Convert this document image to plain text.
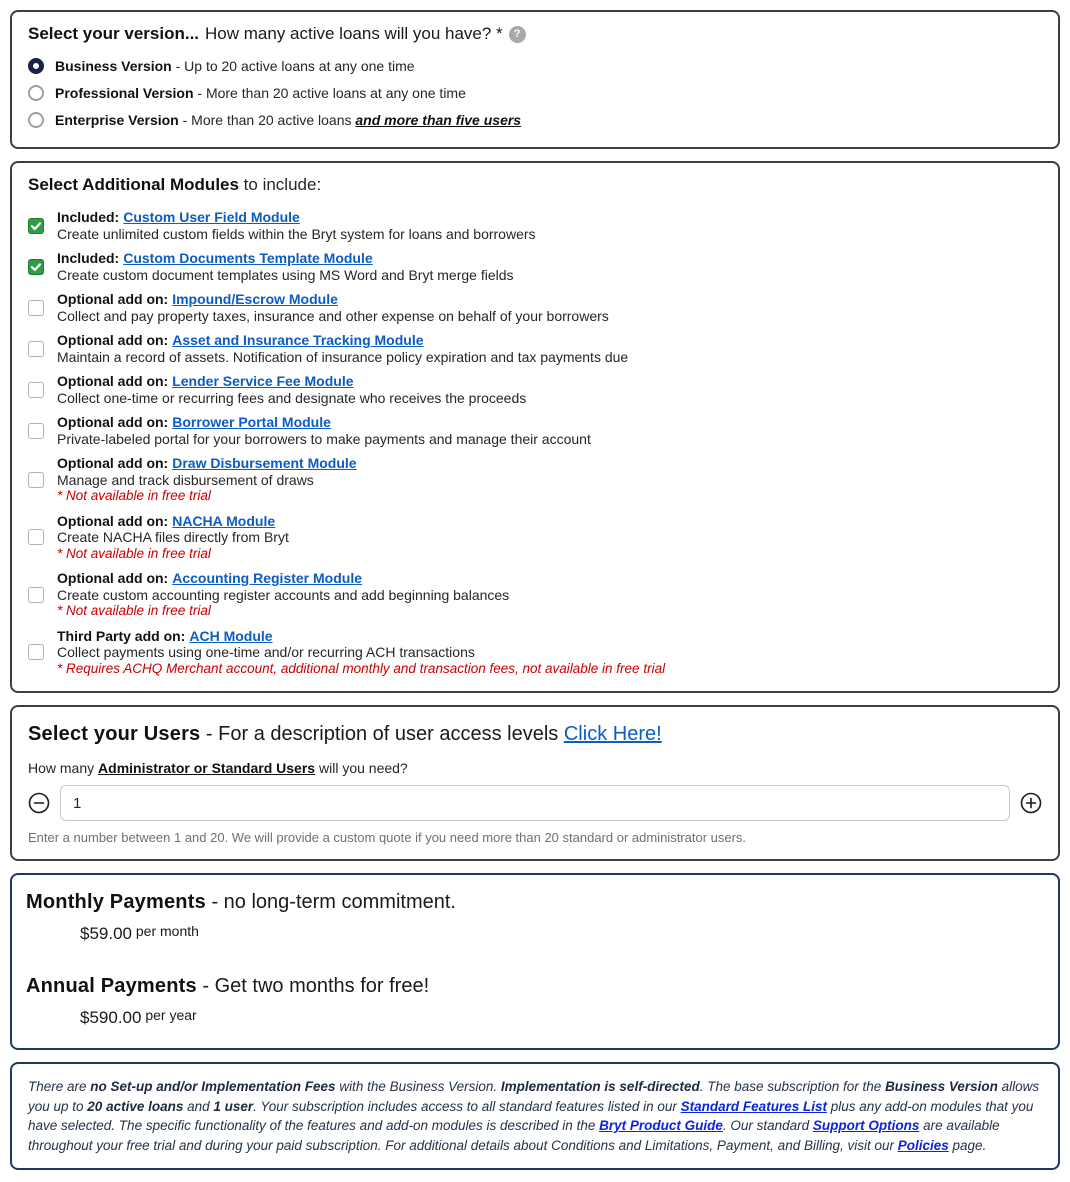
Select your version... How many active loans will you have? *	?
Business Version - Up to 20 active loans at any one time
Professional Version - More than 20 active loans at any one time
Enterprise Version - More than 20 active loans and more than five users
Select Additional Modules to include:
Included: Custom User Field Module
Create unlimited custom fields within the Bryt system for loans and borrowers
Included: Custom Documents Template Module
Create custom document templates using MS Word and Bryt merge fields
Optional add on: Impound/Escrow Module
Collect and pay property taxes, insurance and other expense on behalf of your borrowers
Optional add on: Asset and Insurance Tracking Module
Maintain a record of assets. Notification of insurance policy expiration and tax payments due
Optional add on: Lender Service Fee Module
Collect one-time or recurring fees and designate who receives the proceeds
Optional add on: Borrower Portal Module
Private-labeled portal for your borrowers to make payments and manage their account
Optional add on: Draw Disbursement Module
Manage and track disbursement of draws
* Not available in free trial
Optional add on: NACHA Module
Create NACHA files directly from Bryt
* Not available in free trial
Optional add on: Accounting Register Module
Create custom accounting register accounts and add beginning balances
* Not available in free trial
Third Party add on: ACH Module
Collect payments using one-time and/or recurring ACH transactions
* Requires ACHQ Merchant account, additional monthly and transaction fees, not available in free trial
Select your Users - For a description of user access levels Click Here!
How many Administrator or Standard Users will you need?
1
Enter a number between 1 and 20. We will provide a custom quote if you need more than 20 standard or administrator users.
Monthly Payments - no long-term commitment.
$59.00 per month
Annual Payments - Get two months for free!
$590.00 per year

There are no Set-up and/or Implementation Fees with the Business Version. Implementation is self-directed. The base subscription for the Business Version allows you up to 20 active loans and 1 user. Your subscription includes access to all standard features listed in our Standard Features List plus any add-on modules that you have selected. The specific functionality of the features and add-on modules is described in the Bryt Product Guide. Our standard Support Options are available throughout your free trial and during your paid subscription. For additional details about Conditions and Limitations, Payment, and Billing, visit our Policies page.
